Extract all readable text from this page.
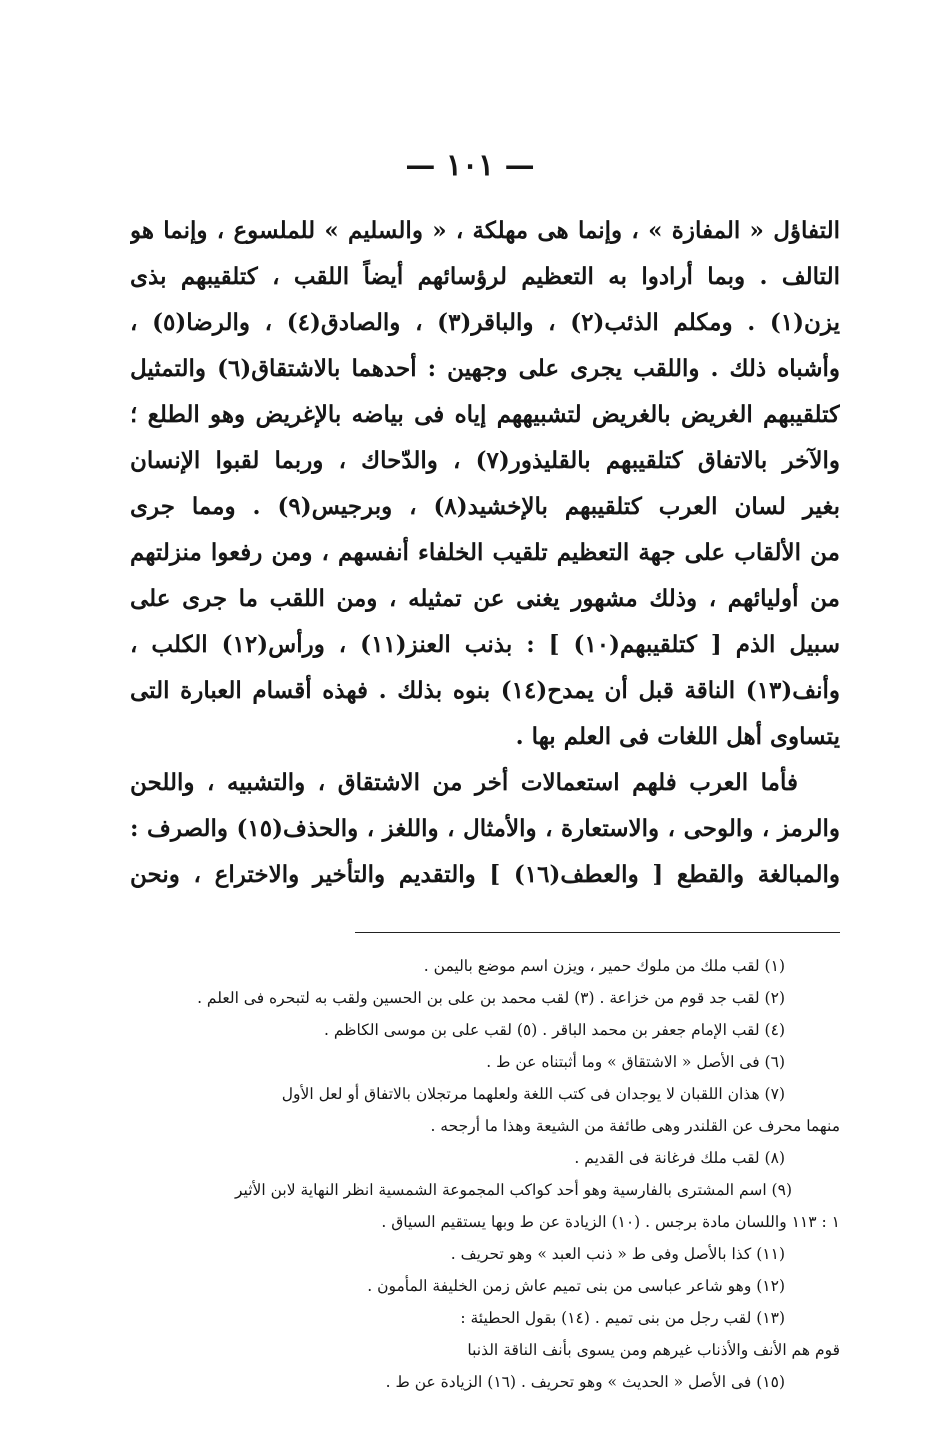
— ١٠١ —
التفاؤل « المفازة » ، وإنما هى مهلكة ، « والسليم » للملسوع ، وإنما هو
التالف . وبما أرادوا به التعظيم لرؤسائهم أيضاً اللقب ، كتلقيبهم بذى
يزن(١) . ومكلم الذئب(٢) ، والباقر(٣) ، والصادق(٤) ، والرضا(٥) ،
وأشباه ذلك . واللقب يجرى على وجهين : أحدهما بالاشتقاق(٦) والتمثيل
كتلقيبهم الغريض بالغريض لتشبيههم إياه فى بياضه بالإغريض وهو الطلع ؛
والآخر بالاتفاق كتلقيبهم بالقليذور(٧) ، والدّحاك ، وربما لقبوا الإنسان
بغير لسان العرب كتلقيبهم بالإخشيد(٨) ، وبرجيس(٩) . ومما جرى
من الألقاب على جهة التعظيم تلقيب الخلفاء أنفسهم ، ومن رفعوا منزلتهم
من أوليائهم ، وذلك مشهور يغنى عن تمثيله ، ومن اللقب ما جرى على
سبيل الذم [ كتلقيبهم(١٠) ] : بذنب العنز(١١) ، ورأس(١٢) الكلب ،
وأنف(١٣) الناقة قبل أن يمدح(١٤) بنوه بذلك . فهذه أقسام العبارة التى
يتساوى أهل اللغات فى العلم بها .
فأما العرب فلهم استعمالات أخر من الاشتقاق ، والتشبيه ، واللحن
والرمز ، والوحى ، والاستعارة ، والأمثال ، واللغز ، والحذف(١٥) والصرف :
والمبالغة والقطع [ والعطف(١٦) ] والتقديم والتأخير والاختراع ، ونحن
(١) لقب ملك من ملوك حمير ، ويزن اسم موضع باليمن .
(٢) لقب جد قوم من خزاعة . (٣) لقب محمد بن على بن الحسين ولقب به لتبحره فى العلم .
(٤) لقب الإمام جعفر بن محمد الباقر . (٥) لقب على بن موسى الكاظم .
(٦) فى الأصل « الاشتقاق » وما أثبتناه عن ط .
(٧) هذان اللقبان لا يوجدان فى كتب اللغة ولعلهما مرتجلان بالاتفاق أو لعل الأول
منهما محرف عن القلندر وهى طائفة من الشيعة وهذا ما أرجحه .
(٨) لقب ملك فرغانة فى القديم .
(٩) اسم المشترى بالفارسية وهو أحد كواكب المجموعة الشمسية انظر النهاية لابن الأثير
١ : ١١٣ واللسان مادة برجس . (١٠) الزيادة عن ط وبها يستقيم السياق .
(١١) كذا بالأصل وفى ط « ذنب العبد » وهو تحريف .
(١٢) وهو شاعر عباسى من بنى تميم عاش زمن الخليفة المأمون .
(١٣) لقب رجل من بنى تميم . (١٤) بقول الحطيئة :
قوم هم الأنف والأذناب غيرهم ومن يسوى بأنف الناقة الذنبا
(١٥) فى الأصل « الحديث » وهو تحريف . (١٦) الزيادة عن ط .
